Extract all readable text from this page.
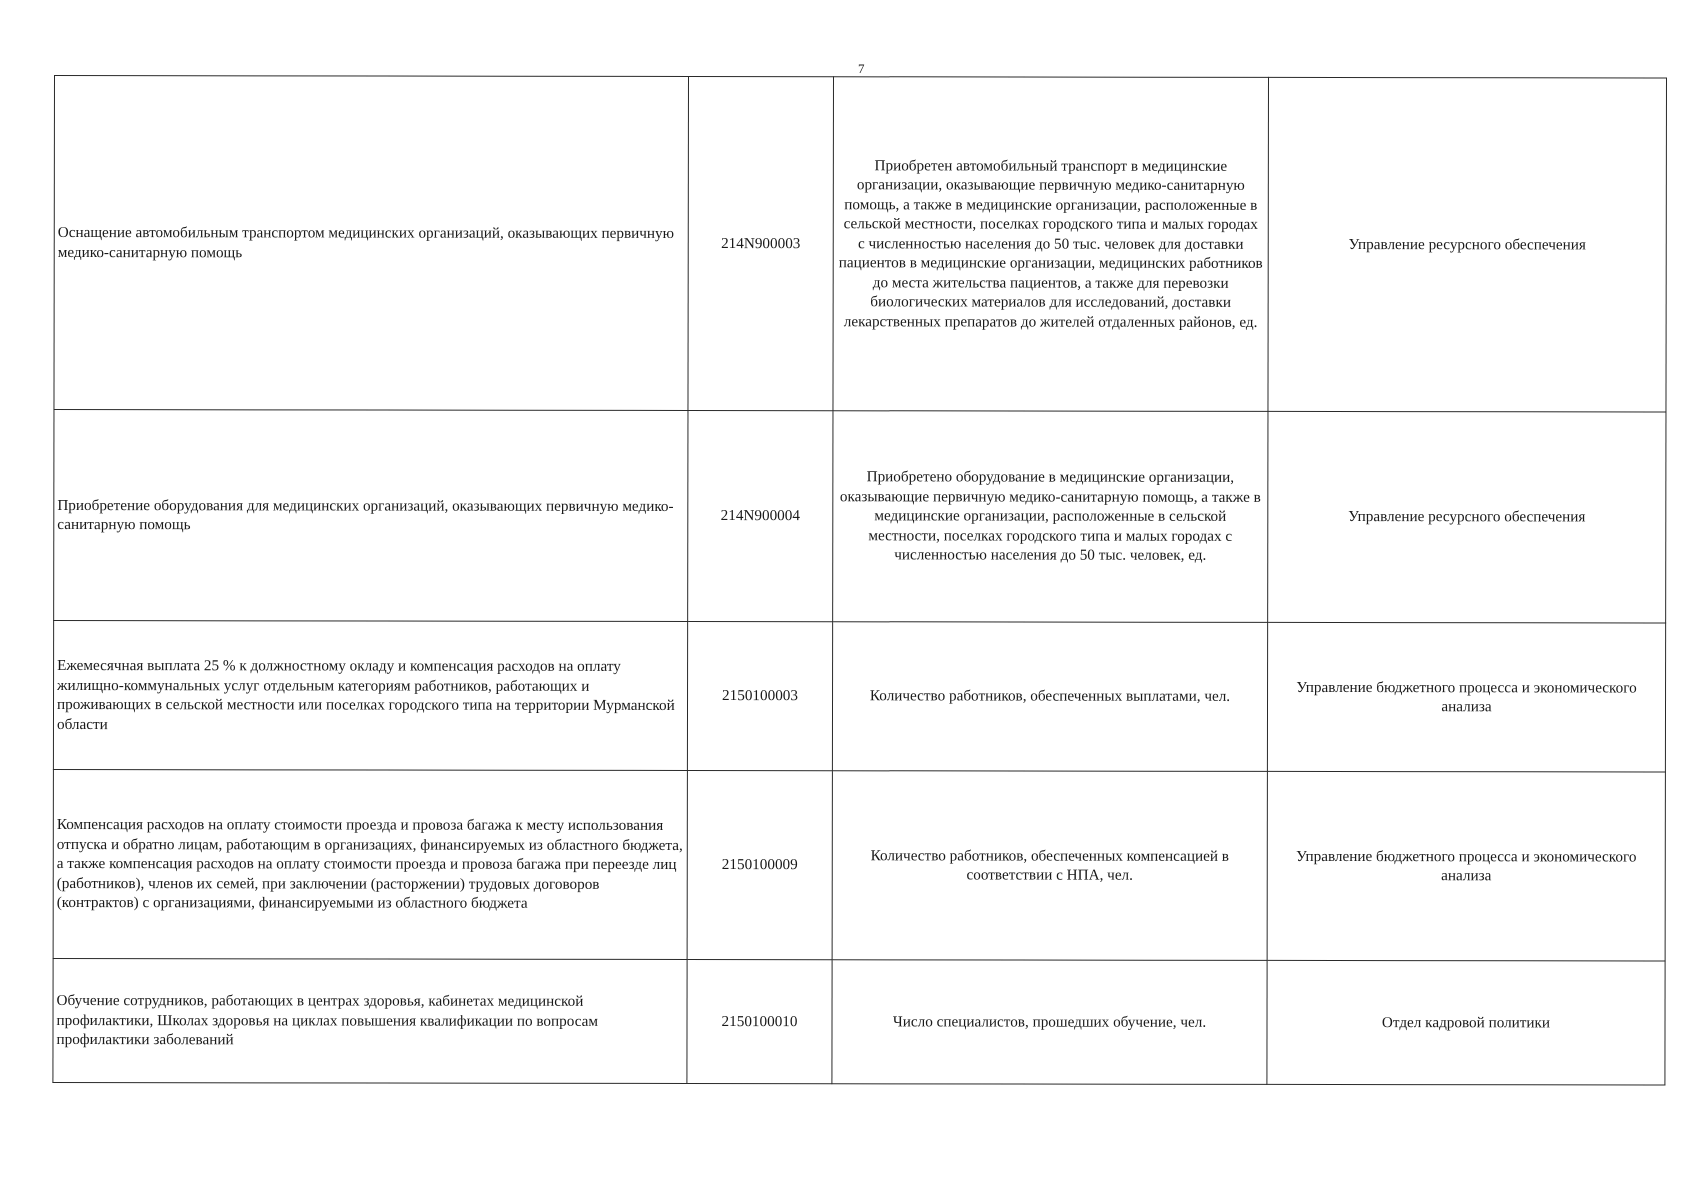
7
Оснащение автомобильным транспортом медицинских организаций, оказывающих первичную медико-санитарную помощь	214N900003	Приобретен автомобильный транспорт в медицинские организации, оказывающие первичную медико-санитарную помощь, а также в медицинские организации, расположенные в сельской местности, поселках городского типа и малых городах с численностью населения до 50 тыс. человек для доставки пациентов в медицинские организации, медицинских работников до места жительства пациентов, а также для перевозки биологических материалов для исследований, доставки лекарственных препаратов до жителей отдаленных районов, ед.	Управление ресурсного обеспечения

Приобретение оборудования для медицинских организаций, оказывающих первичную медико-санитарную помощь	214N900004	Приобретено оборудование в медицинские организации, оказывающие первичную медико-санитарную помощь, а также в медицинские организации, расположенные в сельской местности, поселках городского типа и малых городах с численностью населения до 50 тыс. человек, ед.	Управление ресурсного обеспечения

Ежемесячная выплата 25 % к должностному окладу и компенсация расходов на оплату жилищно-коммунальных услуг отдельным категориям работников, работающих и проживающих в сельской местности или поселках городского типа на территории Мурманской области	2150100003	Количество работников, обеспеченных выплатами, чел.	Управление бюджетного процесса и экономического анализа

Компенсация расходов на оплату стоимости проезда и провоза багажа к месту использования отпуска и обратно лицам, работающим в организациях, финансируемых из областного бюджета, а также компенсация расходов на оплату стоимости проезда и провоза багажа при переезде лиц (работников), членов их семей, при заключении (расторжении) трудовых договоров (контрактов) с организациями, финансируемыми из областного бюджета	2150100009	Количество работников, обеспеченных компенсацией в соответствии с НПА, чел.	Управление бюджетного процесса и экономического анализа

Обучение сотрудников, работающих в центрах здоровья, кабинетах медицинской профилактики, Школах здоровья на циклах повышения квалификации по вопросам профилактики заболеваний	2150100010	Число специалистов, прошедших обучение, чел.	Отдел кадровой политики
